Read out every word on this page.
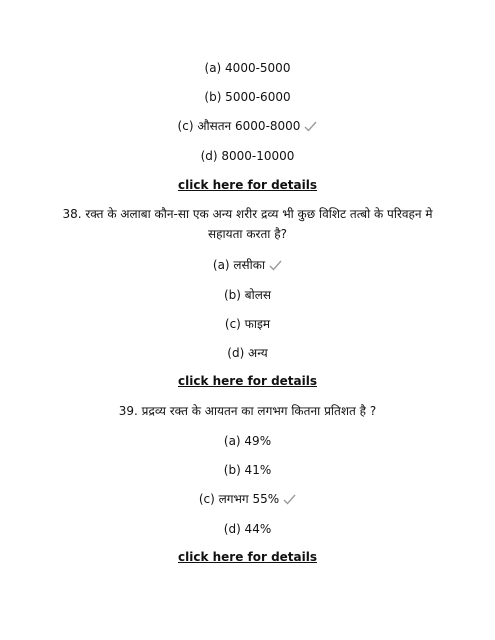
(a) 4000-5000
(b) 5000-6000
(c) औसतन 6000-8000
(d) 8000-10000
click here for details
38. रक्त के अलाबा कौन-सा एक अन्य शरीर द्रव्य भी कुछ विशिट तत्बो के परिवहन मे
सहायता करता है?
(a) लसीका
(b) बोलस
(c) फाइम
(d) अन्य
click here for details
39. प्रद्रव्य रक्त के आयतन का लगभग कितना प्रतिशत है ?
(a) 49%
(b) 41%
(c) लगभग 55%
(d) 44%
click here for details
